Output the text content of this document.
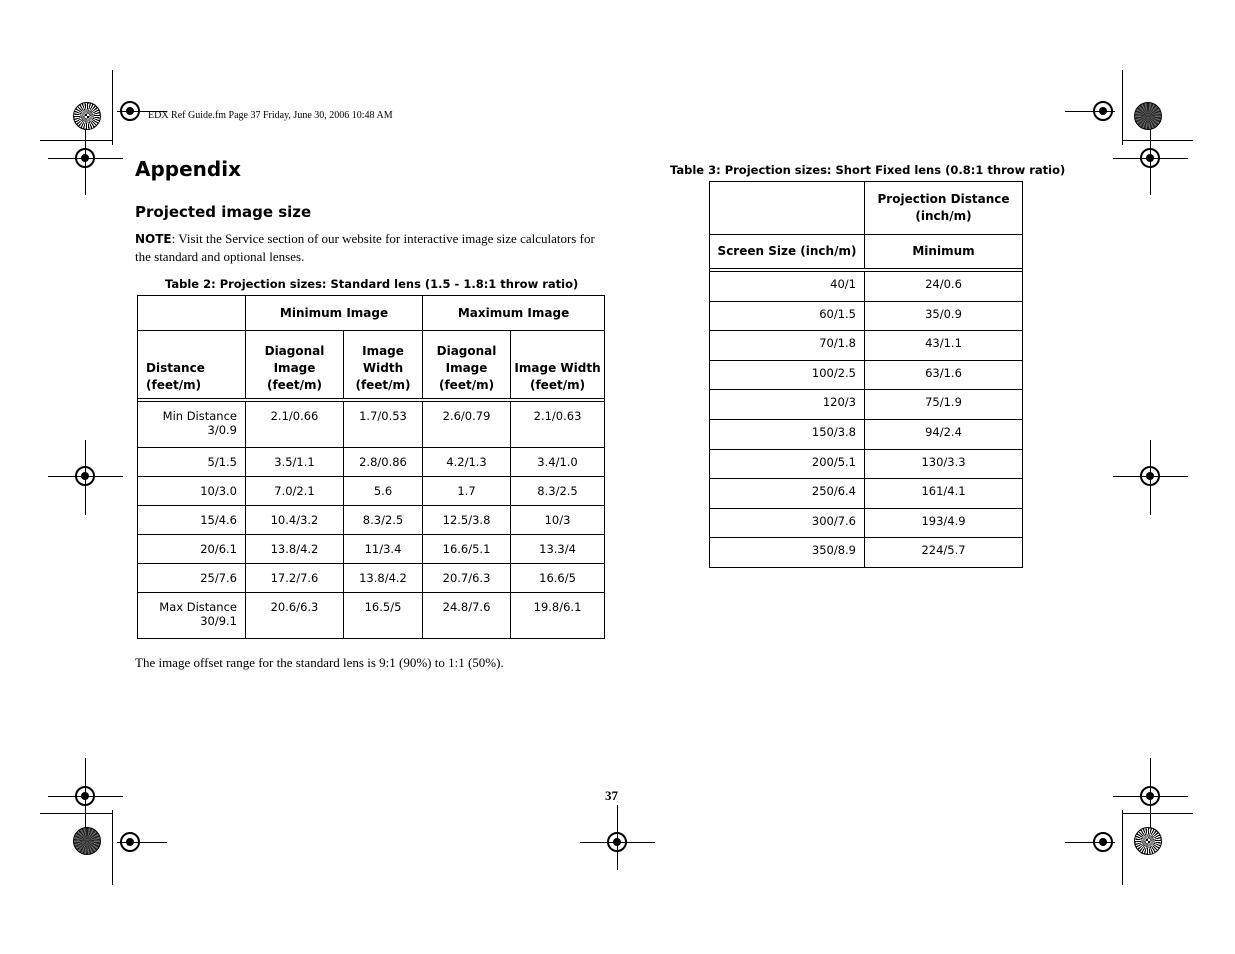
EDX Ref Guide.fm Page 37 Friday, June 30, 2006 10:48 AM
Appendix
Projected image size
NOTE: Visit the Service section of our website for interactive image size calculators for the standard and optional lenses.
Table 2: Projection sizes: Standard lens (1.5 - 1.8:1 throw ratio)
	Minimum Image		Maximum Image	
Distance (feet/m)	Diagonal Image (feet/m)	Image Width (feet/m)	Diagonal Image (feet/m)	Image Width (feet/m)

Min Distance 3/0.9	2.1/0.66	1.7/0.53	2.6/0.79	2.1/0.63
5/1.5	3.5/1.1	2.8/0.86	4.2/1.3	3.4/1.0
10/3.0	7.0/2.1	5.6	1.7	8.3/2.5
15/4.6	10.4/3.2	8.3/2.5	12.5/3.8	10/3
20/6.1	13.8/4.2	11/3.4	16.6/5.1	13.3/4
25/7.6	17.2/7.6	13.8/4.2	20.7/6.3	16.6/5
Max Distance 30/9.1	20.6/6.3	16.5/5	24.8/7.6	19.8/6.1
The image offset range for the standard lens is 9:1 (90%) to 1:1 (50%).
Table 3: Projection sizes: Short Fixed lens (0.8:1 throw ratio)
	Projection Distance (inch/m)
Screen Size (inch/m)	Minimum

40/1	24/0.6
60/1.5	35/0.9
70/1.8	43/1.1
100/2.5	63/1.6
120/3	75/1.9
150/3.8	94/2.4
200/5.1	130/3.3
250/6.4	161/4.1
300/7.6	193/4.9
350/8.9	224/5.7
37
